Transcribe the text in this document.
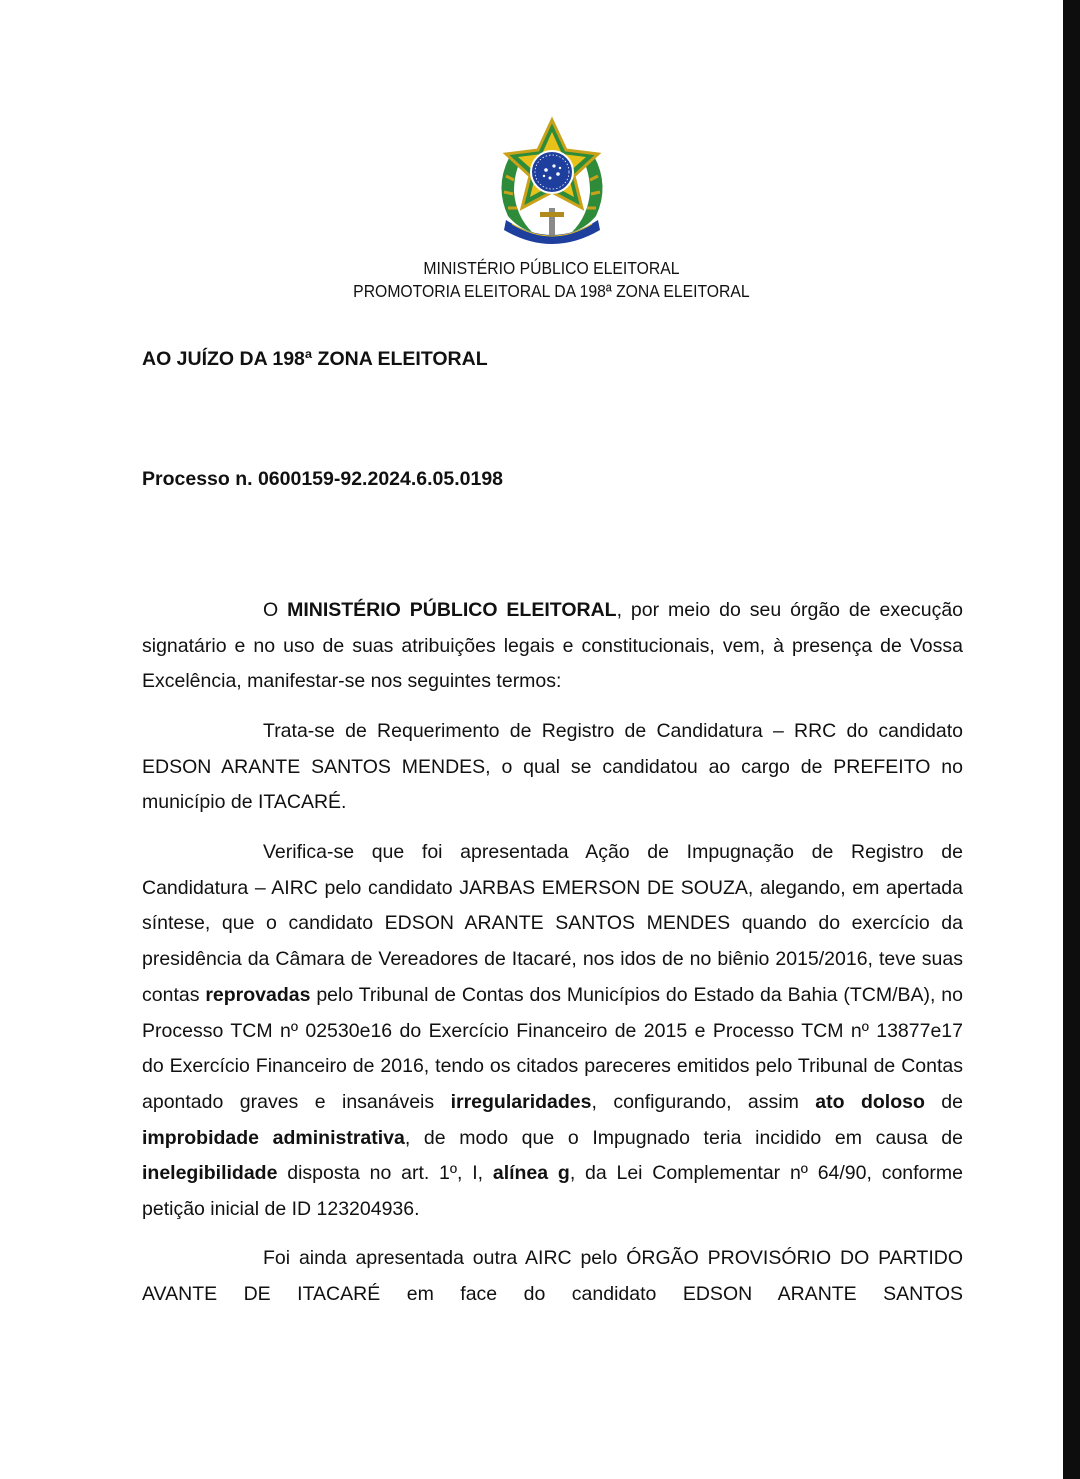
MINISTÉRIO PÚBLICO ELEITORAL
PROMOTORIA ELEITORAL DA 198ª ZONA ELEITORAL
AO JUÍZO DA 198ª ZONA ELEITORAL
Processo n. 0600159-92.2024.6.05.0198

O MINISTÉRIO PÚBLICO ELEITORAL, por meio do seu órgão de execução signatário e no uso de suas atribuições legais e constitucionais, vem, à presença de Vossa Excelência, manifestar-se nos seguintes termos:

Trata-se de Requerimento de Registro de Candidatura – RRC do candidato EDSON ARANTE SANTOS MENDES, o qual se candidatou ao cargo de PREFEITO no município de ITACARÉ.

Verifica-se que foi apresentada Ação de Impugnação de Registro de Candidatura – AIRC pelo candidato JARBAS EMERSON DE SOUZA, alegando, em apertada síntese, que o candidato EDSON ARANTE SANTOS MENDES quando do exercício da presidência da Câmara de Vereadores de Itacaré, nos idos de no biênio 2015/2016, teve suas contas reprovadas pelo Tribunal de Contas dos Municípios do Estado da Bahia (TCM/BA), no Processo TCM nº 02530e16 do Exercício Financeiro de 2015 e Processo TCM nº 13877e17 do Exercício Financeiro de 2016, tendo os citados pareceres emitidos pelo Tribunal de Contas apontado graves e insanáveis irregularidades, configurando, assim ato doloso de improbidade administrativa, de modo que o Impugnado teria incidido em causa de inelegibilidade disposta no art. 1º, I, alínea g, da Lei Complementar nº 64/90, conforme petição inicial de ID 123204936.

Foi ainda apresentada outra AIRC pelo ÓRGÃO PROVISÓRIO DO PARTIDO AVANTE DE ITACARÉ em face do candidato EDSON ARANTE SANTOS
